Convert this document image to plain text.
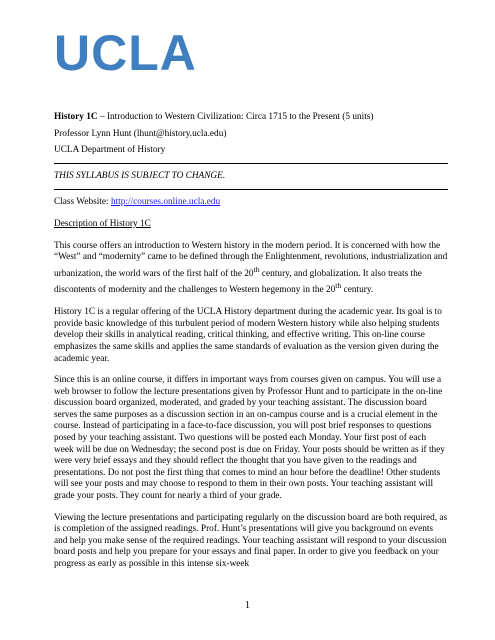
UCLA

History 1C – Introduction to Western Civilization: Circa 1715 to the Present (5 units)

Professor Lynn Hunt (lhunt@history.ucla.edu)

UCLA Department of History

THIS SYLLABUS IS SUBJECT TO CHANGE.

Class Website: http://courses.online.ucla.edu

Description of History 1C

This course offers an introduction to Western history in the modern period. It is concerned with how the “West” and “modernity” came to be defined through the Enlightenment, revolutions, industrialization and urbanization, the world wars of the first half of the 20th century, and globalization. It also treats the discontents of modernity and the challenges to Western hegemony in the 20th century.

History 1C is a regular offering of the UCLA History department during the academic year. Its goal is to provide basic knowledge of this turbulent period of modern Western history while also helping students develop their skills in analytical reading, critical thinking, and effective writing. This on-line course emphasizes the same skills and applies the same standards of evaluation as the version given during the academic year.

Since this is an online course, it differs in important ways from courses given on campus. You will use a web browser to follow the lecture presentations given by Professor Hunt and to participate in the on-line discussion board organized, moderated, and graded by your teaching assistant. The discussion board serves the same purposes as a discussion section in an on-campus course and is a crucial element in the course. Instead of participating in a face-to-face discussion, you will post brief responses to questions posed by your teaching assistant. Two questions will be posted each Monday. Your first post of each week will be due on Wednesday; the second post is due on Friday. Your posts should be written as if they were very brief essays and they should reflect the thought that you have given to the readings and presentations. Do not post the first thing that comes to mind an hour before the deadline! Other students will see your posts and may choose to respond to them in their own posts. Your teaching assistant will grade your posts. They count for nearly a third of your grade.

Viewing the lecture presentations and participating regularly on the discussion board are both required, as is completion of the assigned readings. Prof. Hunt’s presentations will give you background on events and help you make sense of the required readings. Your teaching assistant will respond to your discussion board posts and help you prepare for your essays and final paper. In order to give you feedback on your progress as early as possible in this intense six-week

1
